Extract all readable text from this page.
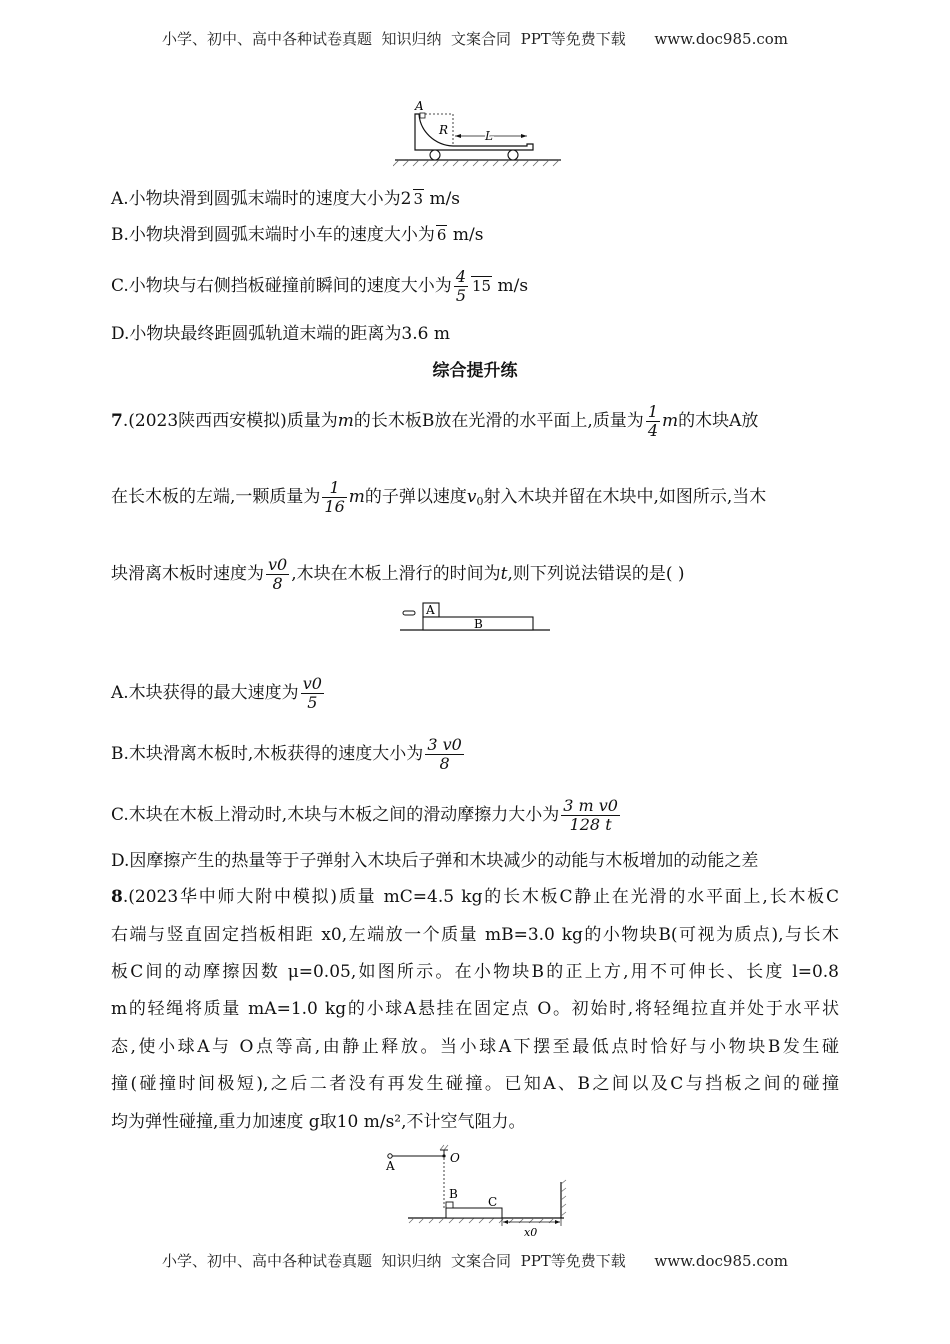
小学、初中、高中各种试卷真题  知识归纳  文案合同  PPT等免费下载      www.doc985.com
A
R	L
A.小物块滑到圆弧末端时的速度大小为2 3 m/s
B.小物块滑到圆弧末端时小车的速度大小为 6 m/s
C.小物块与右侧挡板碰撞前瞬间的速度大小为 $\frac{4}{5} 15$ m/s
D.小物块最终距圆弧轨道末端的距离为3.6 m
综合提升练
7.(2023陕西西安模拟)质量为m的长木板B放在光滑的水平面上,质量为 $\frac{1}{4}$ m的木块A放
在长木板的左端,一颗质量为 $\frac{1}{16}$ m的子弹以速度$v_0$射入木块并留在木块中,如图所示,当木
块滑离木板时速度为 $\frac{v0}{8}$ ,木块在木板上滑行的时间为t,则下列说法错误的是( )
A
B
A.木块获得的最大速度为 $\frac{v0}{5}$
B.木块滑离木板时,木板获得的速度大小为 $\frac{3 v0}{8}$
C.木块在木板上滑动时,木块与木板之间的滑动摩擦力大小为 $\frac{\text{3 m v0}}{128 t}$
D.因摩擦产生的热量等于子弹射入木块后子弹和木块减少的动能与木板增加的动能之差
8.(2023华中师大附中模拟)质量 mC=4.5 kg的长木板C静止在光滑的水平面上,长木板C
右端与竖直固定挡板相距 x0,左端放一个质量 mB=3.0 kg的小物块B(可视为质点),与长木
板C间的动摩擦因数 μ=0.05,如图所示。在小物块B的正上方,用不可伸长、长度 l=0.8
m的轻绳将质量 mA=1.0 kg的小球A悬挂在固定点 O。初始时,将轻绳拉直并处于水平状
态,使小球A与 O点等高,由静止释放。当小球A下摆至最低点时恰好与小物块B发生碰
撞(碰撞时间极短),之后二者没有再发生碰撞。已知A、B之间以及C与挡板之间的碰撞
均为弹性碰撞,重力加速度 g取10 m/s²,不计空气阻力。
A
O
B
C
x0
小学、初中、高中各种试卷真题  知识归纳  文案合同  PPT等免费下载      www.doc985.com
